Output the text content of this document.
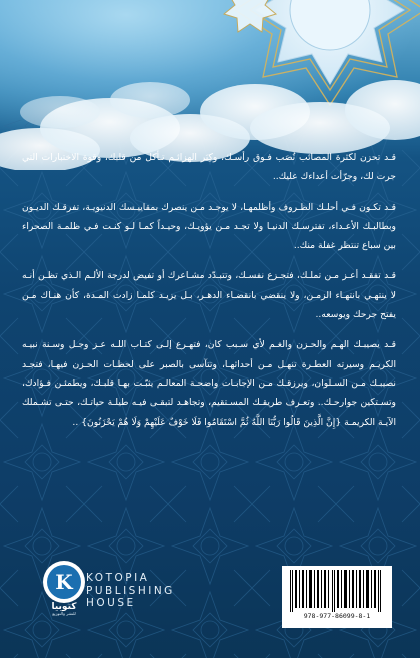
قـد تحزن لكثرة المصائب تُصَب فـوق رأسـك، وكِبَر الهزائـم تـأكل من قلبك، وقوة الاختبارات التي جرت لك، وجرّأت أعداءك عليك..

قـد تكـون فـي أحلـك الظـروف وأظلمهـا، لا يوجـد مـن ينصرك بمقاييـسك الدنيويـة، تفرقـك الديـون وبطالبـك الأعـداء، تفترسـك الدنيـا ولا تجـد مـن يؤويـك، وحيـداً كمـا لـو كنـت فـي ظلمـة الصحراء بين سباع تنتظر غفلة منك..

قـد تفقـد أعـز مـن تملـك، فتجـزع نفسـك، وتتبـدّد مشـاعرك أو تفيض لدرجة الألـم الـذي تظـن أنـه لا ينتهـي بانتهـاء الزمـن، ولا ينقضي بانقضـاء الدهـر، بـل يزيـد كلمـا زادت المـدة، كأن هنـاك مـن يفتح جرحك ويوسعه..

قـد يصيبـك الهـم والحـزن والغـم لأي سـبب كان، فتهـرع إلـى كتـاب اللـه عـز وجـل وسـنة نبيـه الكريـم وسيرته العطـرة تنهـل مـن أحداثهـا، وتتآسى بالصبر على لحظـات الحـزن فيهـا، فتجـد نصيبـك مـن السـلوان، ويرزقـك مـن الإجابـات واضحـة المعالـم يثبّـت بهـا قلبـك، ويطمئـن فـؤادك، وتسـتكين جوارحـك.. وتعـرف طريقـك المسـتقيم، وتجاهـد لتبقـى فيـه طيلـة حياتـك، حتـى تشـملك الآيـة الكريمـة {إِنَّ الَّذِينَ قَالُوا رَبُّنَا اللَّهُ ثُمَّ اسْتَقَامُوا فَلَا خَوْفٌ عَلَيْهِمْ وَلَا هُمْ يَحْزَنُونَ} ..

K
كتوبيا
للنشر والتوزيع
KOTOPIA
PUBLISHING
HOUSE
978-977-86099-8-1
